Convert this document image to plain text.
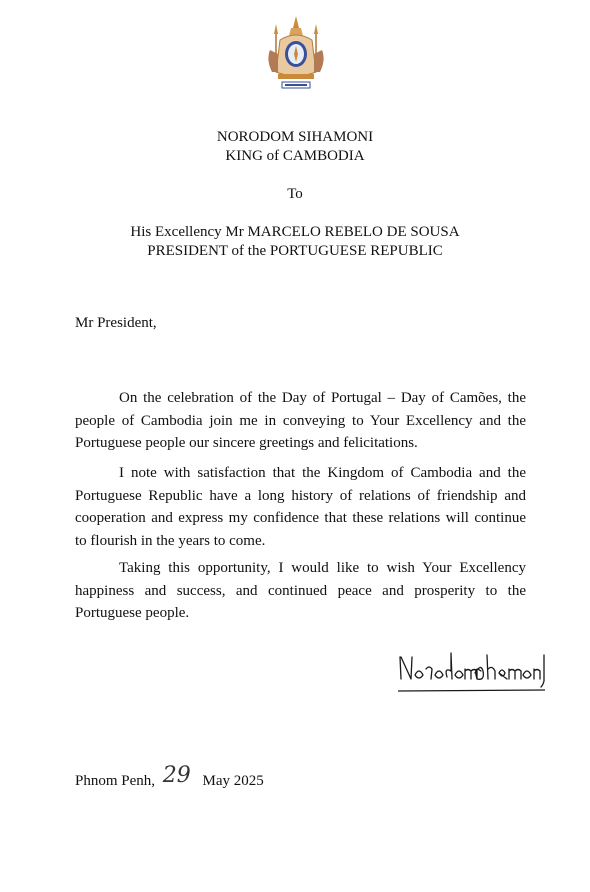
NORODOM SIHAMONI
KING of CAMBODIA
To
His Excellency Mr MARCELO REBELO DE SOUSA
PRESIDENT of the PORTUGUESE REPUBLIC
Mr President,

On the celebration of the Day of Portugal – Day of Camões, the people of Cambodia join me in conveying to Your Excellency and the Portuguese people our sincere greetings and felicitations.

I note with satisfaction that the Kingdom of Cambodia and the Portuguese Republic have a long history of relations of friendship and cooperation and express my confidence that these relations will continue to flourish in the years to come.

Taking this opportunity, I would like to wish Your Excellency happiness and success, and continued peace and prosperity to the Portuguese people.

Phnom Penh, 29 May 2025
